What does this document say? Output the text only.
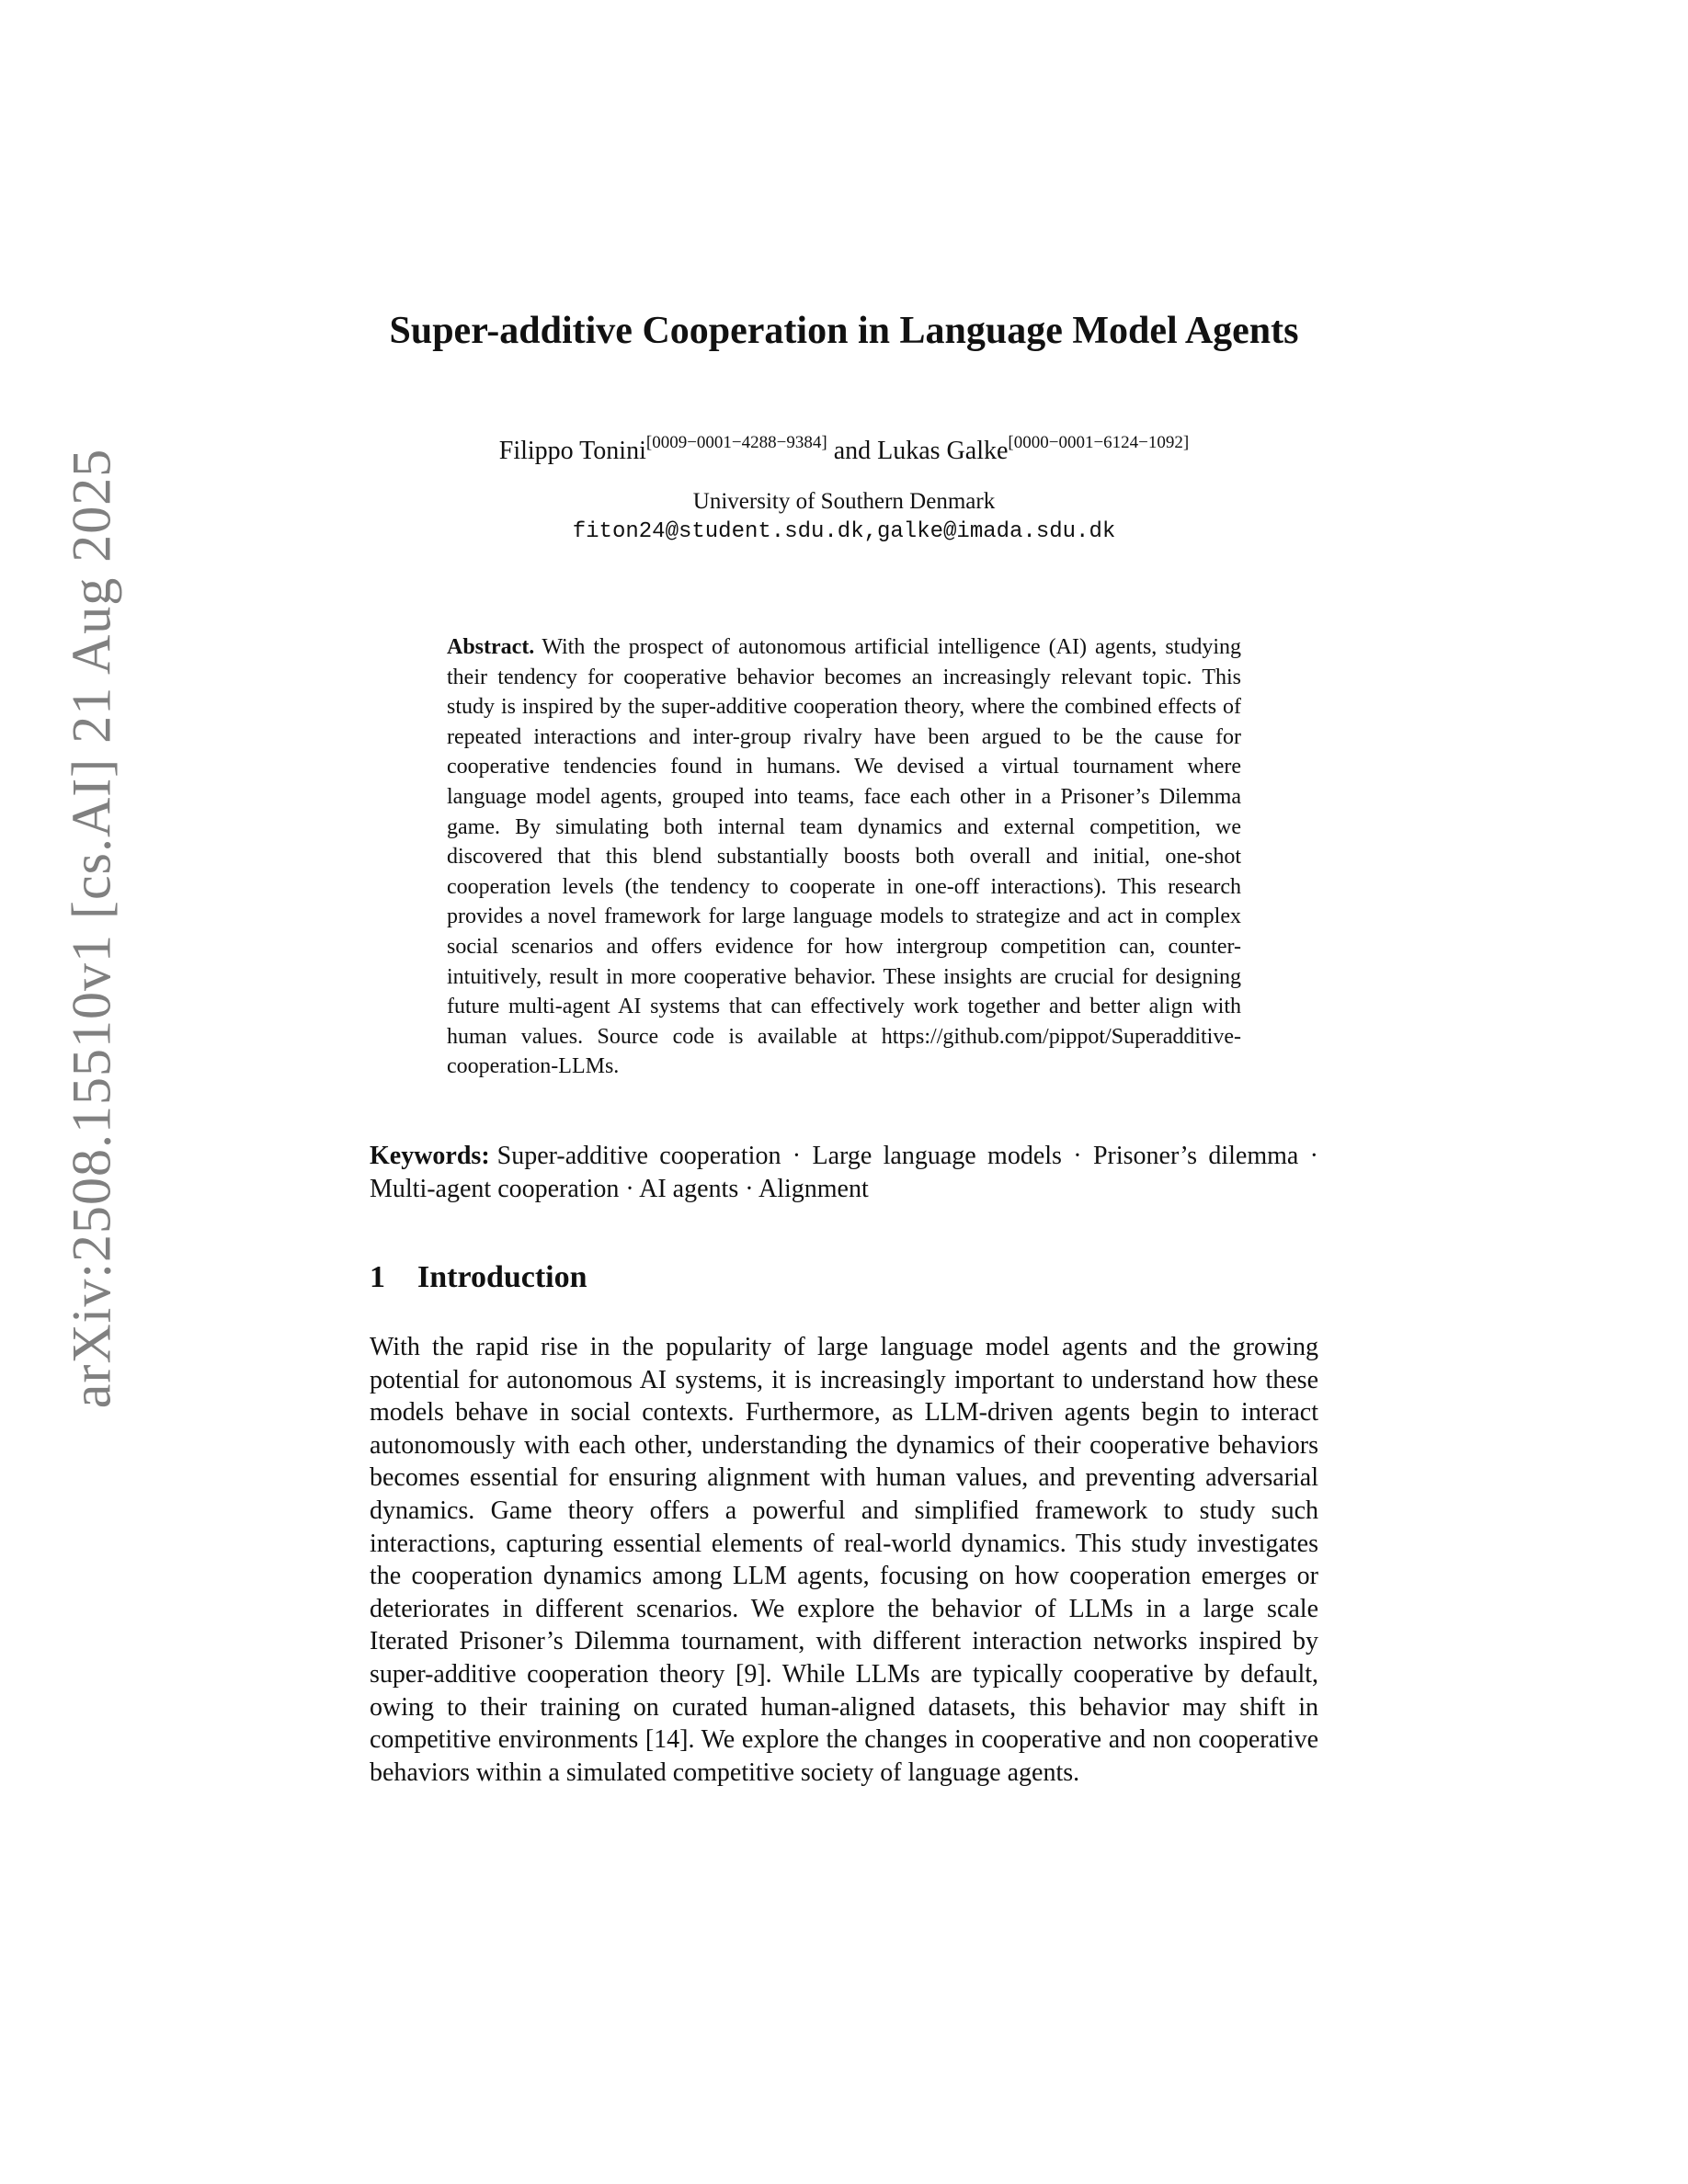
arXiv:2508.15510v1 [cs.AI] 21 Aug 2025
Super-additive Cooperation in Language Model Agents
Filippo Tonini[0009−0001−4288−9384] and Lukas Galke[0000−0001−6124−1092]
University of Southern Denmark
fiton24@student.sdu.dk,galke@imada.sdu.dk
Abstract. With the prospect of autonomous artificial intelligence (AI) agents, studying their tendency for cooperative behavior becomes an increasingly relevant topic. This study is inspired by the super-additive cooperation theory, where the combined effects of repeated interactions and inter-group rivalry have been argued to be the cause for cooperative tendencies found in humans. We devised a virtual tournament where language model agents, grouped into teams, face each other in a Prisoner’s Dilemma game. By simulating both internal team dynamics and external competition, we discovered that this blend substantially boosts both overall and initial, one-shot cooperation levels (the tendency to cooperate in one-off interactions). This research provides a novel framework for large language models to strategize and act in complex social scenarios and offers evidence for how intergroup competition can, counter-intuitively, result in more cooperative behavior. These insights are crucial for designing future multi-agent AI systems that can effectively work together and better align with human values. Source code is available at https://github.com/pippot/Superadditive-cooperation-LLMs.
Keywords: Super-additive cooperation · Large language models · Prisoner’s dilemma · Multi-agent cooperation · AI agents · Alignment
1 Introduction
With the rapid rise in the popularity of large language model agents and the growing potential for autonomous AI systems, it is increasingly important to understand how these models behave in social contexts. Furthermore, as LLM-driven agents begin to interact autonomously with each other, understanding the dynamics of their cooperative behaviors becomes essential for ensuring alignment with human values, and preventing adversarial dynamics. Game theory offers a powerful and simplified framework to study such interactions, capturing essential elements of real-world dynamics. This study investigates the cooperation dynamics among LLM agents, focusing on how cooperation emerges or deteriorates in different scenarios. We explore the behavior of LLMs in a large scale Iterated Prisoner’s Dilemma tournament, with different interaction networks inspired by super-additive cooperation theory [9]. While LLMs are typically cooperative by default, owing to their training on curated human-aligned datasets, this behavior may shift in competitive environments [14]. We explore the changes in cooperative and non cooperative behaviors within a simulated competitive society of language agents.
